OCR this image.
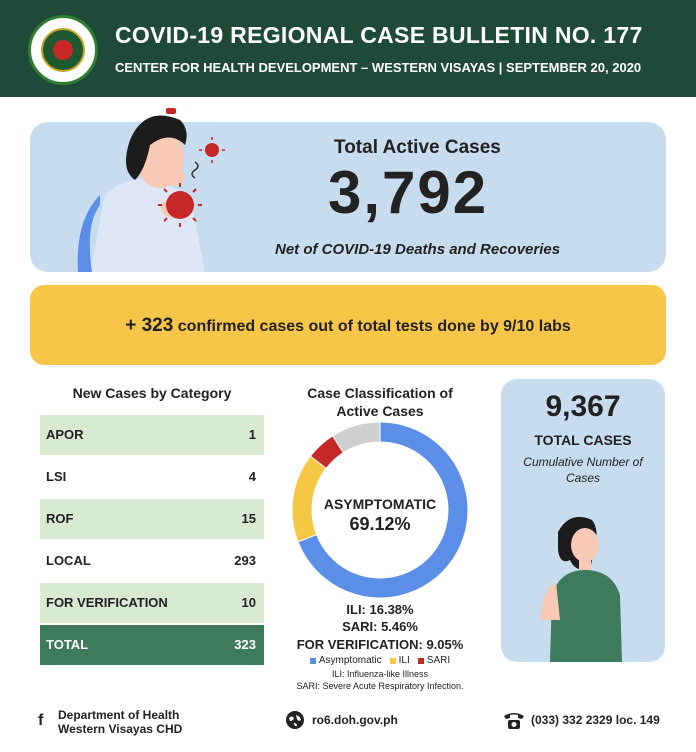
COVID-19 REGIONAL CASE BULLETIN NO. 177
CENTER FOR HEALTH DEVELOPMENT – WESTERN VISAYAS | SEPTEMBER 20, 2020
Total Active Cases
3,792
Net of COVID-19 Deaths and Recoveries
+ 323 confirmed cases out of total tests done by 9/10 labs
New Cases by Category
APOR	1
LSI	4
ROF	15
LOCAL	293
FOR VERIFICATION	10
TOTAL	323
Case Classification of
Active Cases
ASYMPTOMATIC
69.12%
ILI: 16.38%
SARI: 5.46%
FOR VERIFICATION: 9.05%
Asymptomatic ILI SARI
ILI: Influenza-like Illness
SARI: Severe Acute Respiratory Infection.
9,367
TOTAL CASES
Cumulative Number of Cases
f Department of Health
Western Visayas CHD
ro6.doh.gov.ph	(033) 332 2329 loc. 149
